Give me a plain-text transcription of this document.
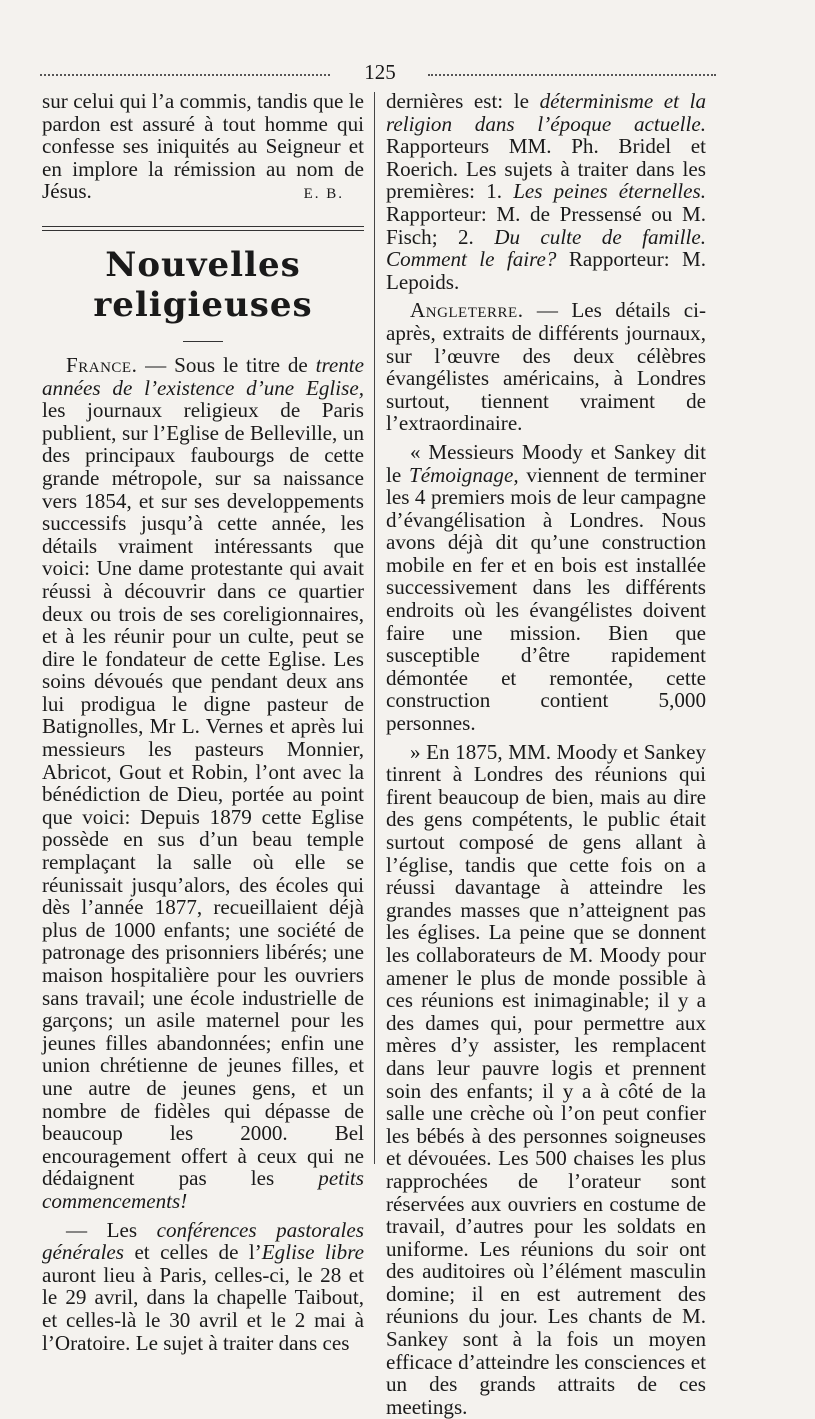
125

sur celui qui l’a commis, tandis que le pardon est assuré à tout homme qui confesse ses iniquités au Seigneur et en implore la rémission au nom de Jésus.	E. B.

Nouvelles religieuses

France. — Sous le titre de trente années de l’existence d’une Eglise, les journaux religieux de Paris publient, sur l’Eglise de Belleville, un des principaux faubourgs de cette grande métropole, sur sa naissance vers 1854, et sur ses developpements successifs jusqu’à cette année, les détails vraiment intéressants que voici: Une dame protestante qui avait réussi à découvrir dans ce quartier deux ou trois de ses coreligionnaires, et à les réunir pour un culte, peut se dire le fondateur de cette Eglise. Les soins dévoués que pendant deux ans lui prodigua le digne pasteur de Batignolles, Mr L. Vernes et après lui messieurs les pasteurs Monnier, Abricot, Gout et Robin, l’ont avec la bénédiction de Dieu, portée au point que voici: Depuis 1879 cette Eglise possède en sus d’un beau temple remplaçant la salle où elle se réunissait jusqu’alors, des écoles qui dès l’année 1877, recueillaient déjà plus de 1000 enfants; une société de patronage des prisonniers libérés; une maison hospitalière pour les ouvriers sans travail; une école industrielle de garçons; un asile maternel pour les jeunes filles abandonnées; enfin une union chrétienne de jeunes filles, et une autre de jeunes gens, et un nombre de fidèles qui dépasse de beaucoup les 2000. Bel encouragement offert à ceux qui ne dédaignent pas les petits commencements!

— Les conférences pastorales générales et celles de l’Eglise libre auront lieu à Paris, celles-ci, le 28 et le 29 avril, dans la chapelle Taibout, et celles-là le 30 avril et le 2 mai à l’Oratoire. Le sujet à traiter dans ces

dernières est: le déterminisme et la religion dans l’époque actuelle. Rapporteurs MM. Ph. Bridel et Roerich. Les sujets à traiter dans les premières: 1. Les peines éternelles. Rapporteur: M. de Pressensé ou M. Fisch; 2. Du culte de famille. Comment le faire? Rapporteur: M. Lepoids.

Angleterre. — Les détails ci-après, extraits de différents journaux, sur l’œuvre des deux célèbres évangélistes américains, à Londres surtout, tiennent vraiment de l’extraordinaire.

« Messieurs Moody et Sankey dit le Témoignage, viennent de terminer les 4 premiers mois de leur campagne d’évangélisation à Londres. Nous avons déjà dit qu’une construction mobile en fer et en bois est installée successivement dans les différents endroits où les évangélistes doivent faire une mission. Bien que susceptible d’être rapidement démontée et remontée, cette construction contient 5,000 personnes.

» En 1875, MM. Moody et Sankey tinrent à Londres des réunions qui firent beaucoup de bien, mais au dire des gens compétents, le public était surtout composé de gens allant à l’église, tandis que cette fois on a réussi davantage à atteindre les grandes masses que n’atteignent pas les églises. La peine que se donnent les collaborateurs de M. Moody pour amener le plus de monde possible à ces réunions est inimaginable; il y a des dames qui, pour permettre aux mères d’y assister, les remplacent dans leur pauvre logis et prennent soin des enfants; il y a à côté de la salle une crèche où l’on peut confier les bébés à des personnes soigneuses et dévouées. Les 500 chaises les plus rapprochées de l’orateur sont réservées aux ouvriers en costume de travail, d’autres pour les soldats en uniforme. Les réunions du soir ont des auditoires où l’élément masculin domine; il en est autrement des réunions du jour. Les chants de M. Sankey sont à la fois un moyen efficace d’atteindre les consciences et un des grands attraits de ces meetings.
